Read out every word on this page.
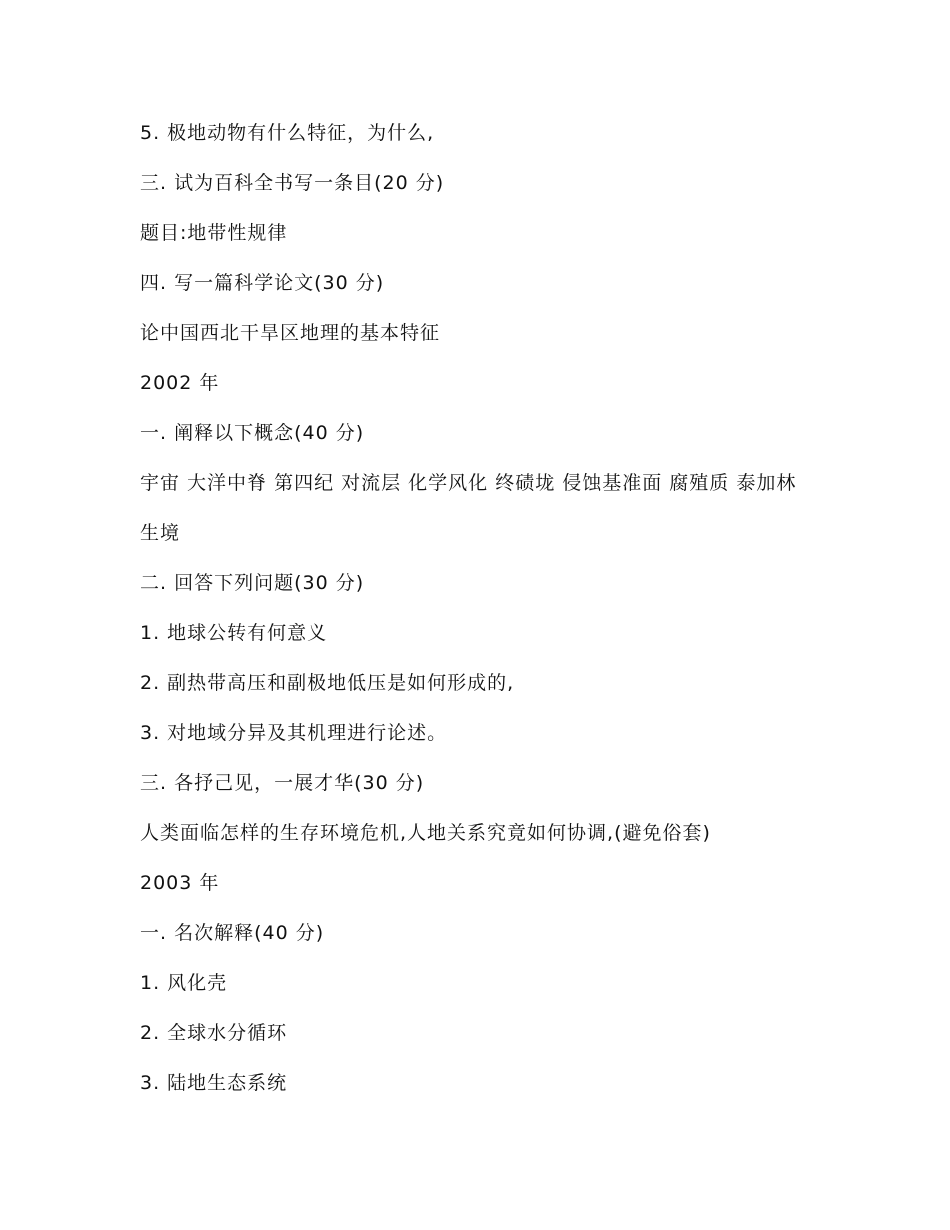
5. 极地动物有什么特征，为什么,

三. 试为百科全书写一条目(20 分)

题目:地带性规律

四. 写一篇科学论文(30 分)

论中国西北干旱区地理的基本特征

2002 年

一. 阐释以下概念(40 分)

宇宙 大洋中脊 第四纪 对流层 化学风化 终碛垅 侵蚀基准面 腐殖质 泰加林

生境

二. 回答下列问题(30 分)

1. 地球公转有何意义

2. 副热带高压和副极地低压是如何形成的,

3. 对地域分异及其机理进行论述。

三. 各抒己见，一展才华(30 分)

人类面临怎样的生存环境危机,人地关系究竟如何协调,(避免俗套)

2003 年

一. 名次解释(40 分)

1. 风化壳

2. 全球水分循环

3. 陆地生态系统
